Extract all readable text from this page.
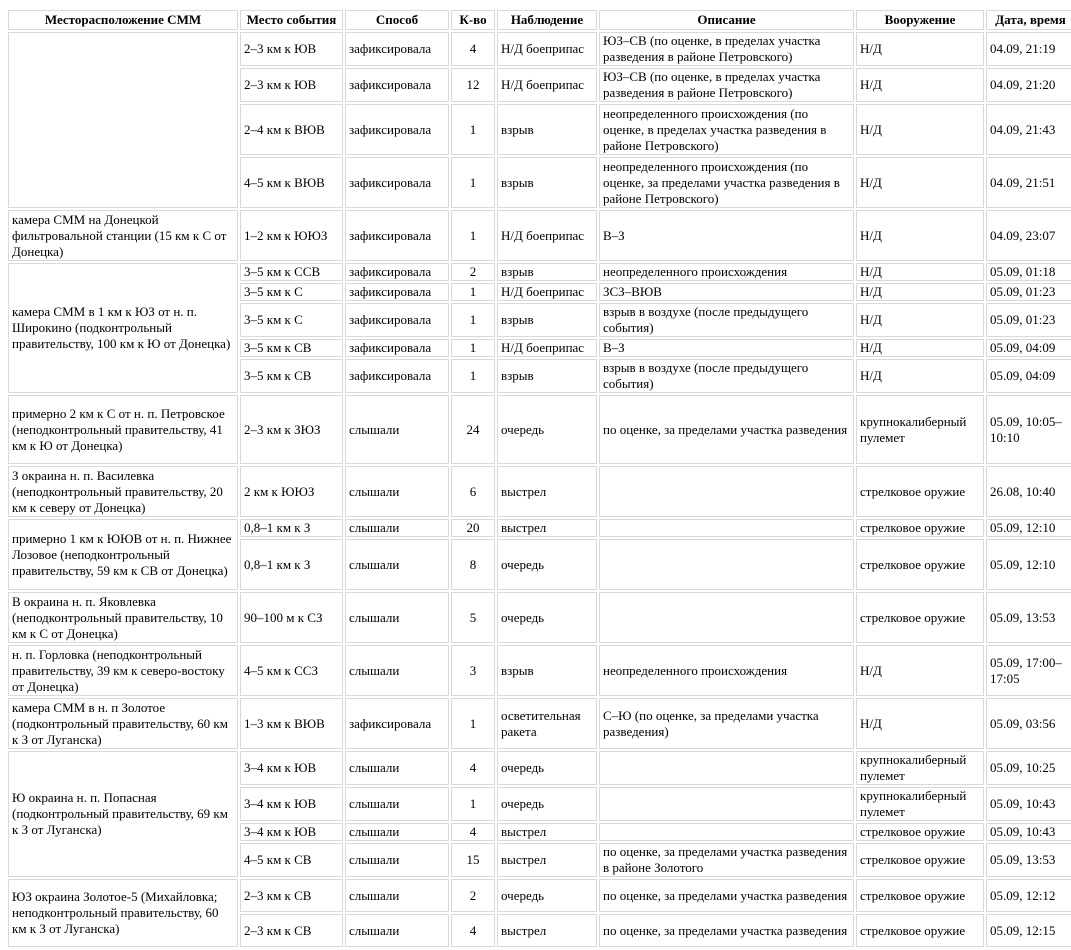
Месторасположение СММ	Место события	Способ	К-во	Наблюдение	Описание	Вооружение	Дата, время
	2–3 км к ЮВ	зафиксировала	4	Н/Д боеприпас	ЮЗ–СВ (по оценке, в пределах участка разведения в районе Петровского)	Н/Д	04.09, 21:19
	2–3 км к ЮВ	зафиксировала	12	Н/Д боеприпас	ЮЗ–СВ (по оценке, в пределах участка разведения в районе Петровского)	Н/Д	04.09, 21:20
	2–4 км к ВЮВ	зафиксировала	1	взрыв	неопределенного происхождения (по оценке, в пределах участка разведения в районе Петровского)	Н/Д	04.09, 21:43
	4–5 км к ВЮВ	зафиксировала	1	взрыв	неопределенного происхождения (по оценке, за пределами участка разведения в районе Петровского)	Н/Д	04.09, 21:51
камера СММ на Донецкой фильтровальной станции (15 км к С от Донецка)	1–2 км к ЮЮЗ	зафиксировала	1	Н/Д боеприпас	В–З	Н/Д	04.09, 23:07
камера СММ в 1 км к ЮЗ от н. п. Широкино (подконтрольный правительству, 100 км к Ю от Донецка)	3–5 км к ССВ	зафиксировала	2	взрыв	неопределенного происхождения	Н/Д	05.09, 01:18
	3–5 км к С	зафиксировала	1	Н/Д боеприпас	ЗСЗ–ВЮВ	Н/Д	05.09, 01:23
	3–5 км к С	зафиксировала	1	взрыв	взрыв в воздухе (после предыдущего события)	Н/Д	05.09, 01:23
	3–5 км к СВ	зафиксировала	1	Н/Д боеприпас	В–З	Н/Д	05.09, 04:09
	3–5 км к СВ	зафиксировала	1	взрыв	взрыв в воздухе (после предыдущего события)	Н/Д	05.09, 04:09
примерно 2 км к С от н. п. Петровское (неподконтрольный правительству, 41 км к Ю от Донецка)	2–3 км к ЗЮЗ	слышали	24	очередь	по оценке, за пределами участка разведения	крупнокалиберный пулемет	05.09, 10:05–10:10
З окраина н. п. Василевка (неподконтрольный правительству, 20 км к северу от Донецка)	2 км к ЮЮЗ	слышали	6	выстрел		стрелковое оружие	26.08, 10:40
примерно 1 км к ЮЮВ от н. п. Нижнее Лозовое (неподконтрольный правительству, 59 км к СВ от Донецка)	0,8–1 км к З	слышали	20	выстрел		стрелковое оружие	05.09, 12:10
	0,8–1 км к З	слышали	8	очередь		стрелковое оружие	05.09, 12:10
В окраина н. п. Яковлевка (неподконтрольный правительству, 10 км к С от Донецка)	90–100 м к СЗ	слышали	5	очередь		стрелковое оружие	05.09, 13:53
н. п. Горловка (неподконтрольный правительству, 39 км к северо-востоку от Донецка)	4–5 км к ССЗ	слышали	3	взрыв	неопределенного происхождения	Н/Д	05.09, 17:00–17:05
камера СММ в н. п Золотое (подконтрольный правительству, 60 км к З от Луганска)	1–3 км к ВЮВ	зафиксировала	1	осветительная ракета	С–Ю (по оценке, за пределами участка разведения)	Н/Д	05.09, 03:56
Ю окраина н. п. Попасная (подконтрольный правительству, 69 км к З от Луганска)	3–4 км к ЮВ	слышали	4	очередь		крупнокалиберный пулемет	05.09, 10:25
	3–4 км к ЮВ	слышали	1	очередь		крупнокалиберный пулемет	05.09, 10:43
	3–4 км к ЮВ	слышали	4	выстрел		стрелковое оружие	05.09, 10:43
	4–5 км к СВ	слышали	15	выстрел	по оценке, за пределами участка разведения в районе Золотого	стрелковое оружие	05.09, 13:53
ЮЗ окраина Золотое-5 (Михайловка; неподконтрольный правительству, 60 км к З от Луганска)	2–3 км к СВ	слышали	2	очередь	по оценке, за пределами участка разведения	стрелковое оружие	05.09, 12:12
	2–3 км к СВ	слышали	4	выстрел	по оценке, за пределами участка разведения	стрелковое оружие	05.09, 12:15
